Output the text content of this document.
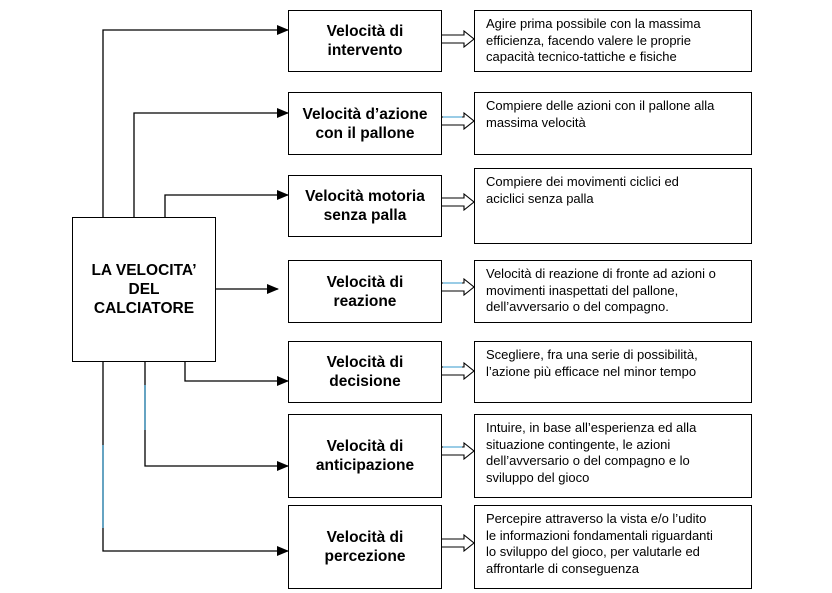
LA VELOCITA’
DEL
CALCIATORE
Velocità di
intervento
Velocità d’azione
con il pallone
Velocità motoria
senza palla
Velocità di
reazione
Velocità di
decisione
Velocità di
anticipazione
Velocità di
percezione
Agire prima possibile con la massima
efficienza, facendo valere le proprie
capacità tecnico-tattiche e fisiche
Compiere delle azioni con il pallone alla
massima velocità
Compiere dei movimenti ciclici ed
aciclici senza palla
Velocità di reazione di fronte ad azioni o
movimenti inaspettati del pallone,
dell’avversario o del compagno.
Scegliere, fra una serie di possibilità,
l’azione più efficace nel minor tempo
Intuire, in base all’esperienza ed alla
situazione contingente, le azioni
dell’avversario o del compagno e lo
sviluppo del gioco
Percepire attraverso la vista e/o l’udito
le informazioni fondamentali riguardanti
lo sviluppo del gioco, per valutarle ed
affrontarle di conseguenza
